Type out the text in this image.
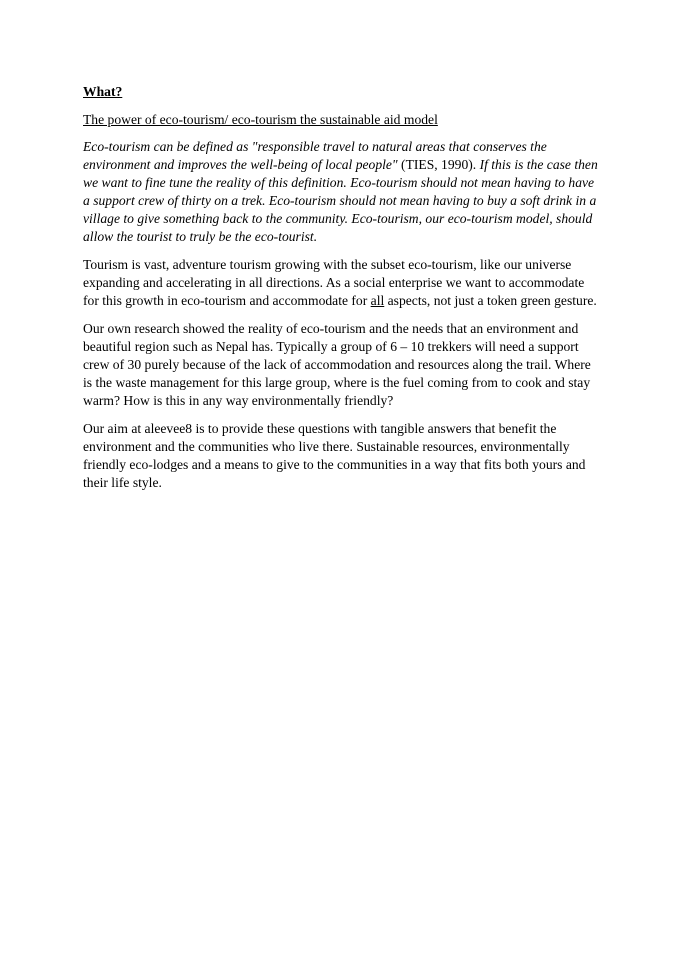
What?
The power of eco-tourism/ eco-tourism the sustainable aid model

Eco-tourism can be defined as "responsible travel to natural areas that conserves the environment and improves the well-being of local people" (TIES, 1990). If this is the case then we want to fine tune the reality of this definition. Eco-tourism should not mean having to have a support crew of thirty on a trek. Eco-tourism should not mean having to buy a soft drink in a village to give something back to the community. Eco-tourism, our eco-tourism model, should allow the tourist to truly be the eco-tourist.

Tourism is vast, adventure tourism growing with the subset eco-tourism, like our universe expanding and accelerating in all directions. As a social enterprise we want to accommodate for this growth in eco-tourism and accommodate for all aspects, not just a token green gesture.

Our own research showed the reality of eco-tourism and the needs that an environment and beautiful region such as Nepal has. Typically a group of 6 – 10 trekkers will need a support crew of 30 purely because of the lack of accommodation and resources along the trail. Where is the waste management for this large group, where is the fuel coming from to cook and stay warm? How is this in any way environmentally friendly?

Our aim at aleevee8 is to provide these questions with tangible answers that benefit the environment and the communities who live there. Sustainable resources, environmentally friendly eco-lodges and a means to give to the communities in a way that fits both yours and their life style.
